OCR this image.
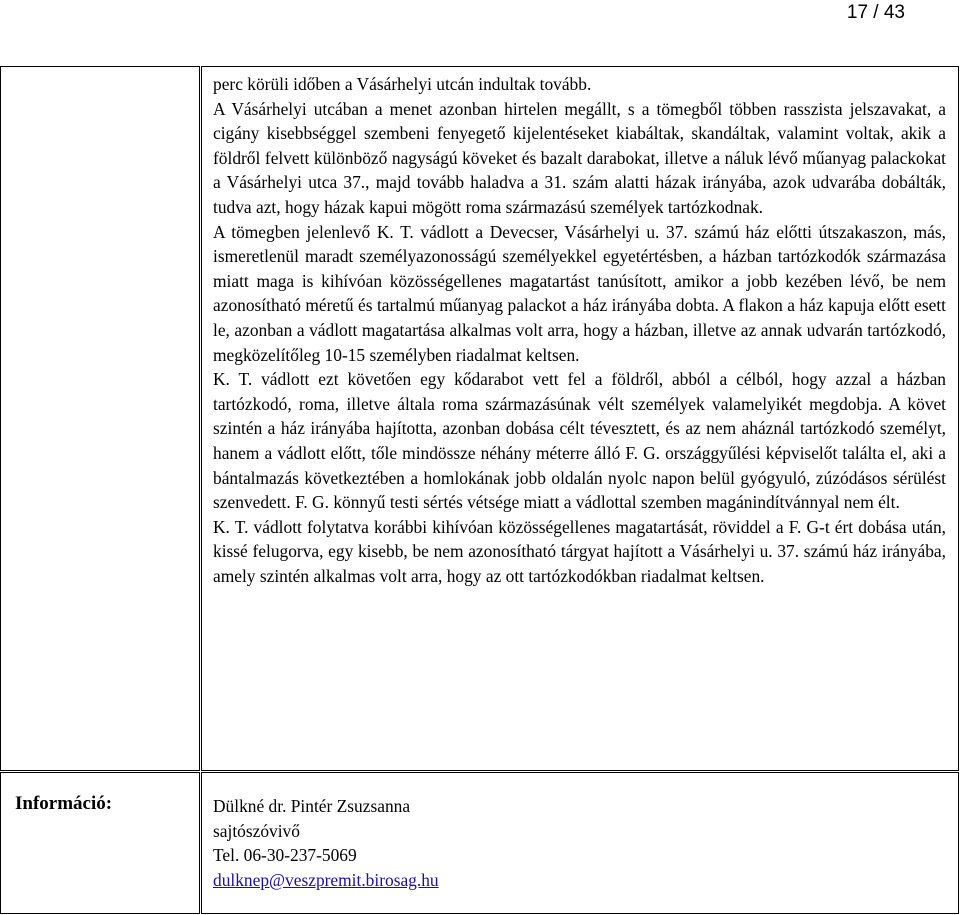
17 / 43

perc körüli időben a Vásárhelyi utcán indultak tovább.

A Vásárhelyi utcában a menet azonban hirtelen megállt, s a tömegből többen rasszista jelszavakat, a cigány kisebbséggel szembeni fenyegető kijelentéseket kiabáltak, skandáltak, valamint voltak, akik a földről felvett különböző nagyságú köveket és bazalt darabokat, illetve a náluk lévő műanyag palackokat a Vásárhelyi utca 37., majd tovább haladva a 31. szám alatti házak irányába, azok udvarába dobálták, tudva azt, hogy házak kapui mögött roma származású személyek tartózkodnak.

A tömegben jelenlevő K. T. vádlott a Devecser, Vásárhelyi u. 37. számú ház előtti útszakaszon, más, ismeretlenül maradt személyazonosságú személyekkel egyetértésben, a házban tartózkodók származása miatt maga is kihívóan közösségellenes magatartást tanúsított, amikor a jobb kezében lévő, be nem azonosítható méretű és tartalmú műanyag palackot a ház irányába dobta. A flakon a ház kapuja előtt esett le, azonban a vádlott magatartása alkalmas volt arra, hogy a házban, illetve az annak udvarán tartózkodó, megközelítőleg 10-15 személyben riadalmat keltsen.

K. T. vádlott ezt követően egy kődarabot vett fel a földről, abból a célból, hogy azzal a házban tartózkodó, roma, illetve általa roma származásúnak vélt személyek valamelyikét megdobja. A követ szintén a ház irányába hajította, azonban dobása célt tévesztett, és az nem aháznál tartózkodó személyt, hanem a vádlott előtt, tőle mindössze néhány méterre álló F. G. országgyűlési képviselőt találta el, aki a bántalmazás következtében a homlokának jobb oldalán nyolc napon belül gyógyuló, zúzódásos sérülést szenvedett. F. G. könnyű testi sértés vétsége miatt a vádlottal szemben magánindítvánnyal nem élt.

K. T. vádlott folytatva korábbi kihívóan közösségellenes magatartását, röviddel a F. G-t ért dobása után, kissé felugorva, egy kisebb, be nem azonosítható tárgyat hajított a Vásárhelyi u. 37. számú ház irányába, amely szintén alkalmas volt arra, hogy az ott tartózkodókban riadalmat keltsen.

Információ:	Dülkné dr. Pintér Zsuzsanna
sajtószóvivő
Tel. 06-30-237-5069
dulknep@veszpremit.birosag.hu
